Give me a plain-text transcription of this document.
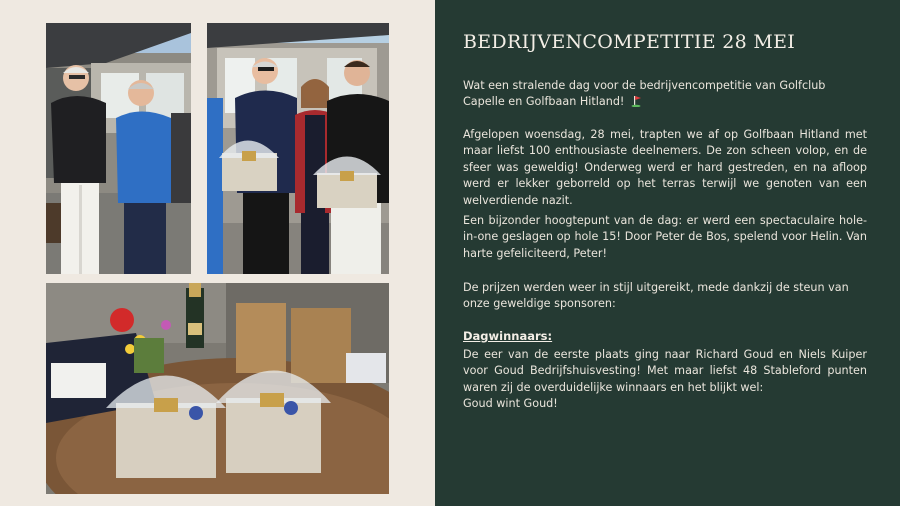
BEDRIJVENCOMPETITIE 28 MEI
Wat een stralende dag voor de bedrijvencompetitie van Golfclub Capelle en Golfbaan Hitland!
Afgelopen woensdag, 28 mei, trapten we af op Golfbaan Hitland met maar liefst 100 enthousiaste deelnemers. De zon scheen volop, en de sfeer was geweldig! Onderweg werd er hard gestreden, en na afloop werd er lekker geborreld op het terras terwijl we genoten van een welverdiende nazit.
Een bijzonder hoogtepunt van de dag: er werd een spectaculaire hole-in-one geslagen op hole 15! Door Peter de Bos, spelend voor Helin. Van harte gefeliciteerd, Peter!
De prijzen werden weer in stijl uitgereikt, mede dankzij de steun van onze geweldige sponsoren:
Dagwinnaars:
De eer van de eerste plaats ging naar Richard Goud en Niels Kuiper voor Goud Bedrijfshuisvesting! Met maar liefst 48 Stableford punten waren zij de overduidelijke winnaars en het blijkt wel:
Goud wint Goud!
